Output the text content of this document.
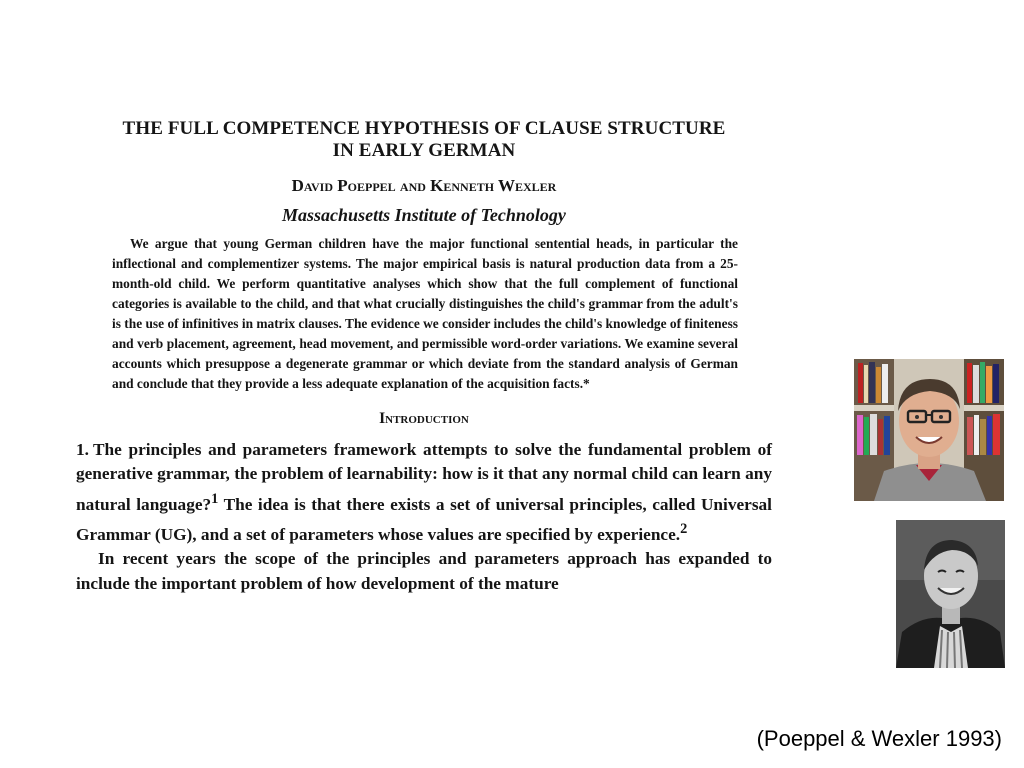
THE FULL COMPETENCE HYPOTHESIS OF CLAUSE STRUCTURE
IN EARLY GERMAN
David Poeppel and Kenneth Wexler
Massachusetts Institute of Technology

We argue that young German children have the major functional sentential heads, in particular the inflectional and complementizer systems. The major empirical basis is natural production data from a 25-month-old child. We perform quantitative analyses which show that the full complement of functional categories is available to the child, and that what crucially distinguishes the child's grammar from the adult's is the use of infinitives in matrix clauses. The evidence we consider includes the child's knowledge of finiteness and verb placement, agreement, head movement, and permissible word-order variations. We examine several accounts which presuppose a degenerate grammar or which deviate from the standard analysis of German and conclude that they provide a less adequate explanation of the acquisition facts.*

Introduction

1. The principles and parameters framework attempts to solve the fundamental problem of generative grammar, the problem of learnability: how is it that any normal child can learn any natural language?$^1$ The idea is that there exists a set of universal principles, called Universal Grammar (UG), and a set of parameters whose values are specified by experience.$^2$

In recent years the scope of the principles and parameters approach has expanded to include the important problem of how development of the mature

(Poeppel & Wexler 1993)
